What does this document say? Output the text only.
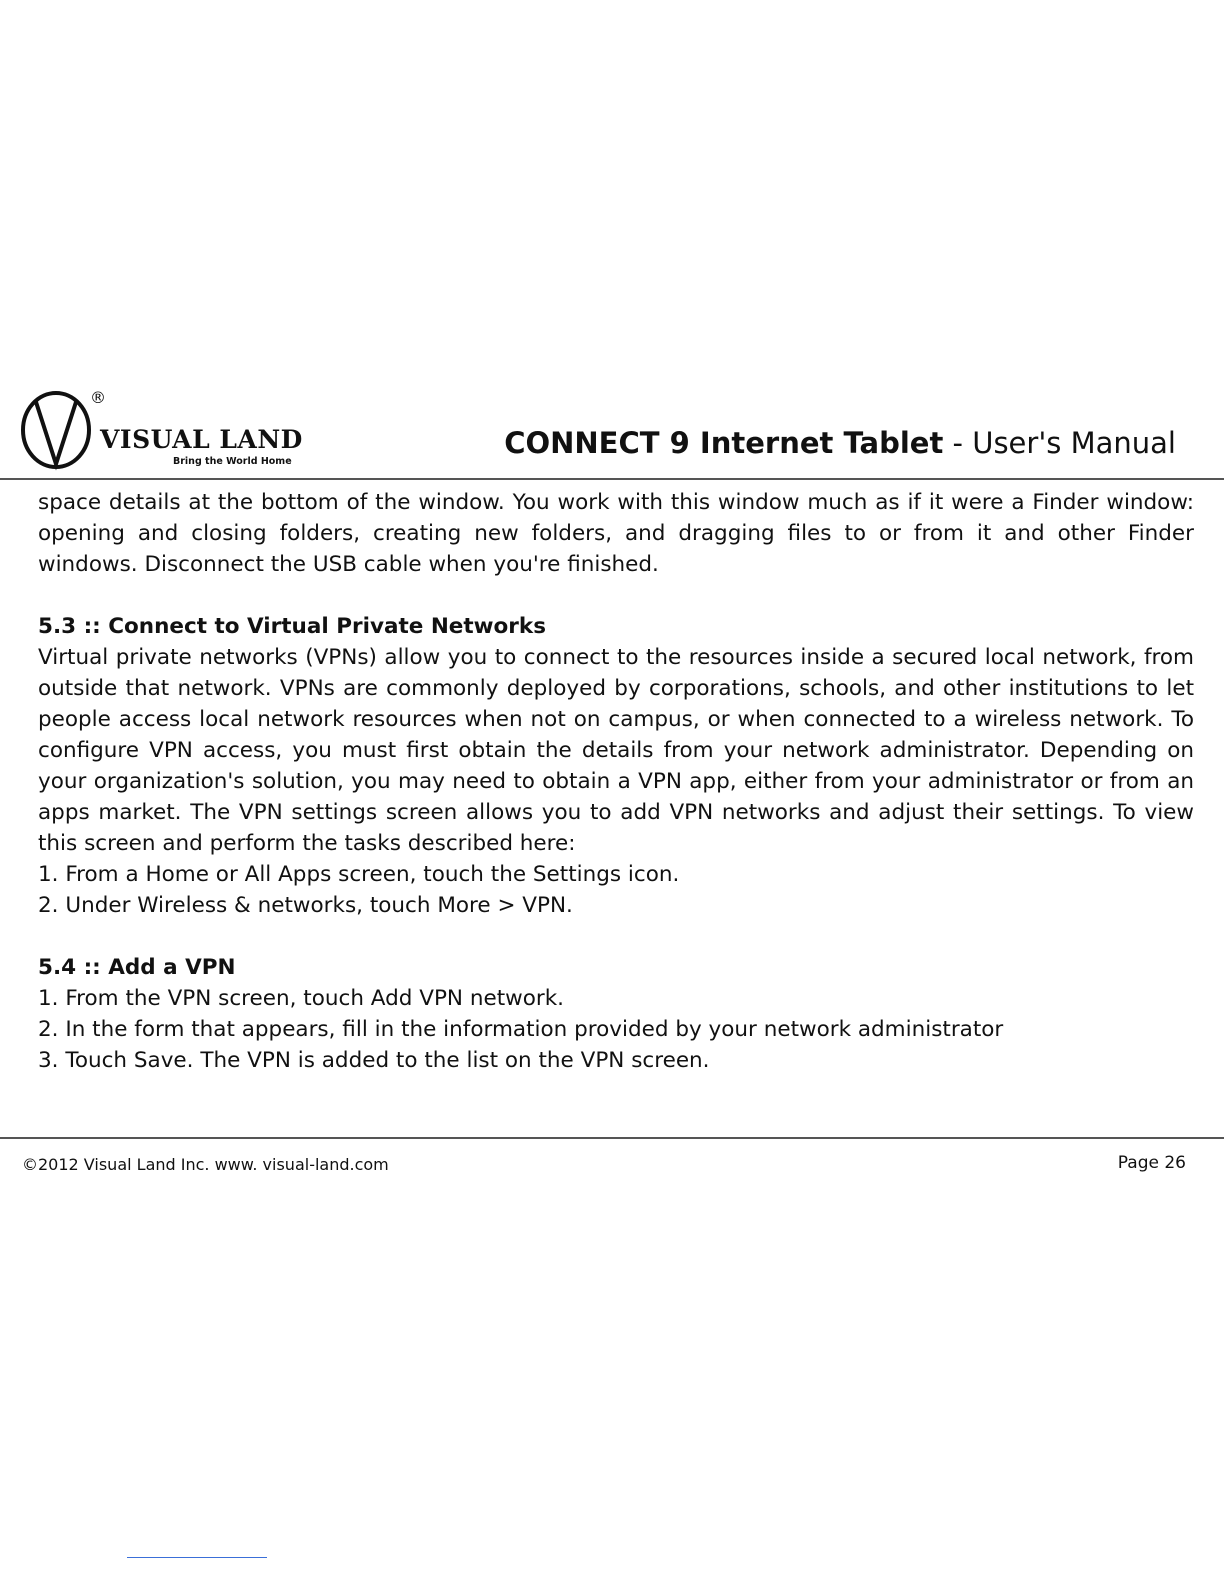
®
VISUAL LAND
Bring the World Home
CONNECT 9 Internet Tablet - User's Manual

space details at the bottom of the window. You work with this window much as if it were a Finder window: opening and closing folders, creating new folders, and dragging files to or from it and other Finder windows. Disconnect the USB cable when you're finished.

5.3 :: Connect to Virtual Private Networks

Virtual private networks (VPNs) allow you to connect to the resources inside a secured local network, from outside that network. VPNs are commonly deployed by corporations, schools, and other institutions to let people access local network resources when not on campus, or when connected to a wireless network. To configure VPN access, you must first obtain the details from your network administrator. Depending on your organization's solution, you may need to obtain a VPN app, either from your administrator or from an apps market. The VPN settings screen allows you to add VPN networks and adjust their settings. To view this screen and perform the tasks described here:

1. From a Home or All Apps screen, touch the Settings icon.

2. Under Wireless & networks, touch More > VPN.

5.4 :: Add a VPN

1. From the VPN screen, touch Add VPN network.

2. In the form that appears, fill in the information provided by your network administrator

3. Touch Save. The VPN is added to the list on the VPN screen.

©2012 Visual Land Inc. www. visual-land.com	Page 26
